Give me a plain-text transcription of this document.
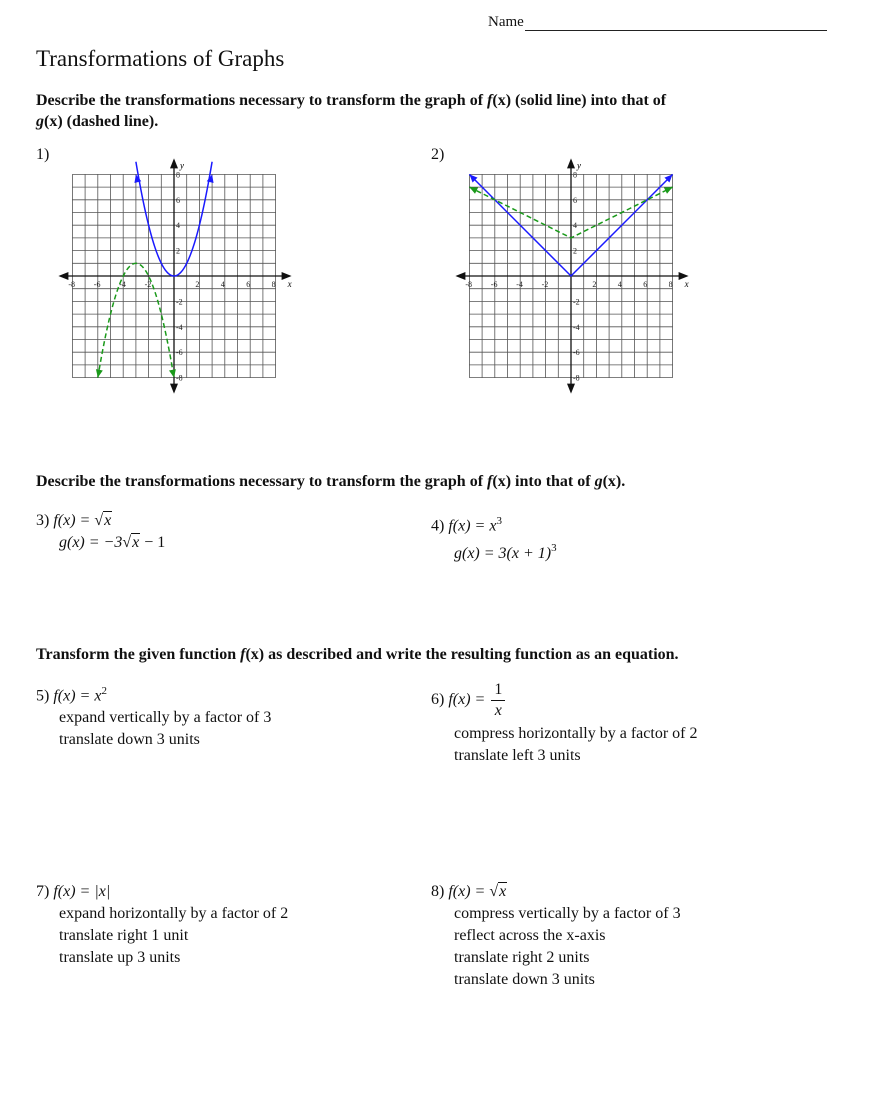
Name
Transformations of Graphs
Describe the transformations necessary to transform the graph of f(x) (solid line) into that of
g(x) (dashed line).
1)	2)
-8 -6 -4 -2	2	4	6	8
8
6
4
2
-2
-4
-6
-8
x
y
-8 -6 -4 -2	2	4	6	8
8
6
4
2
-2
-4
-6
-8
x
y
Describe the transformations necessary to transform the graph of f(x) into that of g(x).
3) f(x) = √x
g(x) = −3√x − 1
4) $f(x) = x^3$
$g(x) = 3(x + 1)^3$
Transform the given function f(x) as described and write the resulting function as an equation.
5) $f(x) = x^2$

expand vertically by a factor of 3
translate down 3 units
6) $f(x) = \frac{1}{x}$
compress horizontally by a factor of 2
translate left 3 units
7) f(x) = |x|

expand horizontally by a factor of 2
translate right 1 unit
translate up 3 units
8) f(x) = √x

compress vertically by a factor of 3
reflect across the x-axis
translate right 2 units
translate down 3 units
